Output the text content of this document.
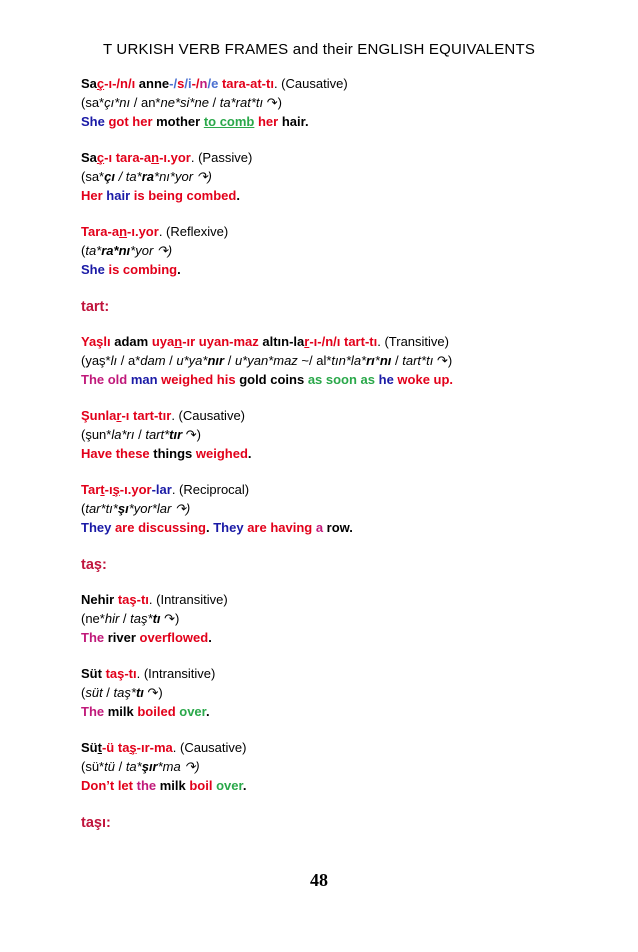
T URKISH VERB FRAMES and their ENGLISH EQUIVALENTS
Saç-ı-/n/ı anne-/s/i-/n/e tara-at-tı. (Causative)
(sa*çı*nı / an*ne*si*ne / ta*rat*tı ↷)
She got her mother to comb her hair.
Saç-ı tara-an-ı.yor. (Passive)
(sa*çı / ta*ra*nı*yor ↷)
Her hair is being combed.
Tara-an-ı.yor. (Reflexive)
(ta*ra*nı*yor ↷)
She is combing.
tart:
Yaşlı adam uyan-ır uyan-maz altın-lar-ı-/n/ı tart-tı. (Transitive)
(yaş*lı / a*dam / u*ya*nır / u*yan*maz ~/ al*tın*la*rı*nı / tart*tı ↷)
The old man weighed his gold coins as soon as he woke up.
Şunlar-ı tart-tır. (Causative)
(şun*la*rı / tart*tır ↷)
Have these things weighed.
Tart-ış-ı.yor-lar. (Reciprocal)
(tar*tı*şı*yor*lar ↷)
They are discussing. They are having a row.
taş:
Nehir taş-tı. (Intransitive)
(ne*hir / taş*tı ↷)
The river overflowed.
Süt taş-tı. (Intransitive)
(süt / taş*tı ↷)
The milk boiled over.
Süt-ü taş-ır-ma. (Causative)
(sü*tü / ta*şır*ma ↷)
Don’t let the milk boil over.
taşı:
48
